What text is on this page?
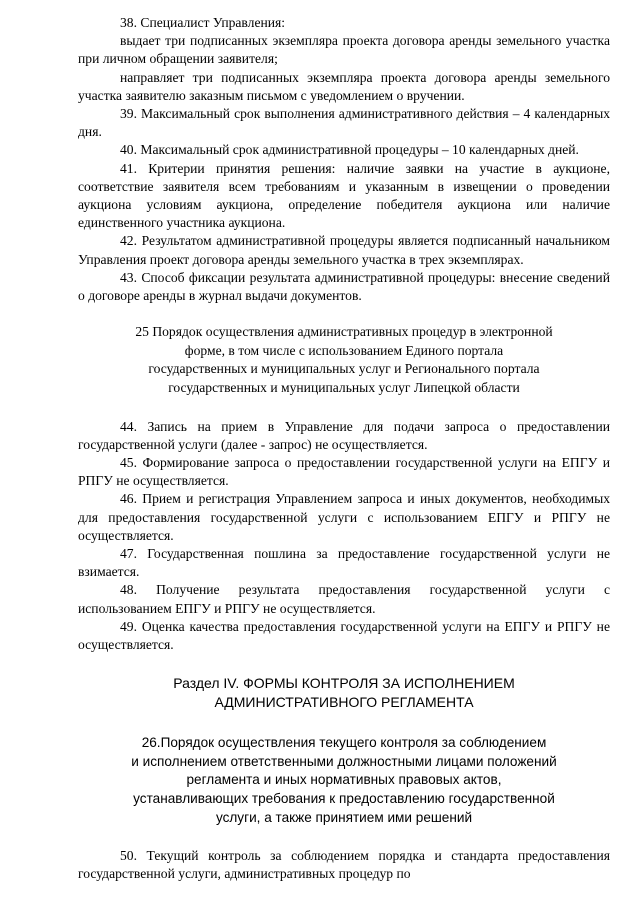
38. Специалист Управления:

выдает три подписанных экземпляра проекта договора аренды земельного участка при личном обращении заявителя;

направляет три подписанных экземпляра проекта договора аренды земельного участка заявителю заказным письмом с уведомлением о вручении.

39. Максимальный срок выполнения административного действия – 4 календарных дня.

40. Максимальный срок административной процедуры – 10 календарных дней.

41. Критерии принятия решения: наличие заявки на участие в аукционе, соответствие заявителя всем требованиям и указанным в извещении о проведении аукциона условиям аукциона, определение победителя аукциона или наличие единственного участника аукциона.

42. Результатом административной процедуры является подписанный начальником Управления проект договора аренды земельного участка в трех экземплярах.

43. Способ фиксации результата административной процедуры: внесение сведений о договоре аренды в журнал выдачи документов.

25 Порядок осуществления административных процедур в электронной
форме, в том числе с использованием Единого портала
государственных и муниципальных услуг и Регионального портала
государственных и муниципальных услуг Липецкой области

44. Запись на прием в Управление для подачи запроса о предоставлении государственной услуги (далее - запрос) не осуществляется.

45. Формирование запроса о предоставлении государственной услуги на ЕПГУ и РПГУ не осуществляется.

46. Прием и регистрация Управлением запроса и иных документов, необходимых для предоставления государственной услуги с использованием ЕПГУ и РПГУ не осуществляется.

47. Государственная пошлина за предоставление государственной услуги не взимается.

48. Получение результата предоставления государственной услуги с использованием ЕПГУ и РПГУ не осуществляется.

49. Оценка качества предоставления государственной услуги на ЕПГУ и РПГУ не осуществляется.

Раздел IV. ФОРМЫ КОНТРОЛЯ ЗА ИСПОЛНЕНИЕМ
АДМИНИСТРАТИВНОГО РЕГЛАМЕНТА
26.Порядок осуществления текущего контроля за соблюдением
и исполнением ответственными должностными лицами положений
регламента и иных нормативных правовых актов,
устанавливающих требования к предоставлению государственной
услуги, а также принятием ими решений

50. Текущий контроль за соблюдением порядка и стандарта предоставления государственной услуги, административных процедур по
